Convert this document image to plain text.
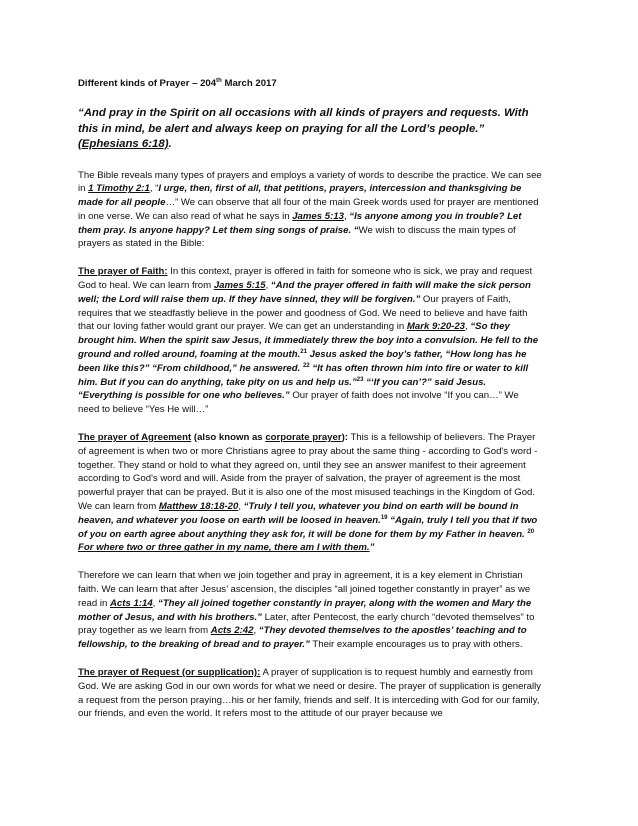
Different kinds of Prayer – 204th March 2017
“And pray in the Spirit on all occasions with all kinds of prayers and requests. With this in mind, be alert and always keep on praying for all the Lord’s people.” (Ephesians 6:18).
The Bible reveals many types of prayers and employs a variety of words to describe the practice. We can see in 1 Timothy 2:1, “I urge, then, first of all, that petitions, prayers, intercession and thanksgiving be made for all people…” We can observe that all four of the main Greek words used for prayer are mentioned in one verse. We can also read of what he says in James 5:13, “Is anyone among you in trouble? Let them pray. Is anyone happy? Let them sing songs of praise. “We wish to discuss the main types of prayers as stated in the Bible:
The prayer of Faith: In this context, prayer is offered in faith for someone who is sick, we pray and request God to heal. We can learn from James 5:15, “And the prayer offered in faith will make the sick person well; the Lord will raise them up. If they have sinned, they will be forgiven.” Our prayers of Faith, requires that we steadfastly believe in the power and goodness of God. We need to believe and have faith that our loving father would grant our prayer. We can get an understanding in Mark 9:20-23, “So they brought him. When the spirit saw Jesus, it immediately threw the boy into a convulsion. He fell to the ground and rolled around, foaming at the mouth.$^{21}$ Jesus asked the boy’s father, “How long has he been like this?” “From childhood,” he answered. $^{22}$ “It has often thrown him into fire or water to kill him. But if you can do anything, take pity on us and help us.”$^{23}$ “‘If you can’?” said Jesus. “Everything is possible for one who believes.” Our prayer of faith does not involve “If you can…” We need to believe “Yes He will…”
The prayer of Agreement (also known as corporate prayer): This is a fellowship of believers. The Prayer of agreement is when two or more Christians agree to pray about the same thing - according to God's word - together. They stand or hold to what they agreed on, until they see an answer manifest to their agreement according to God's word and will. Aside from the prayer of salvation, the prayer of agreement is the most powerful prayer that can be prayed. But it is also one of the most misused teachings in the Kingdom of God. We can learn from Matthew 18:18-20, “Truly I tell you, whatever you bind on earth will be bound in heaven, and whatever you loose on earth will be loosed in heaven.$^{19}$ “Again, truly I tell you that if two of you on earth agree about anything they ask for, it will be done for them by my Father in heaven. $^{20}$ For where two or three gather in my name, there am I with them.”
Therefore we can learn that when we join together and pray in agreement, it is a key element in Christian faith. We can learn that after Jesus’ ascension, the disciples “all joined together constantly in prayer” as we read in Acts 1:14, “They all joined together constantly in prayer, along with the women and Mary the mother of Jesus, and with his brothers.” Later, after Pentecost, the early church “devoted themselves” to pray together as we learn from Acts 2:42, “They devoted themselves to the apostles’ teaching and to fellowship, to the breaking of bread and to prayer.” Their example encourages us to pray with others.
The prayer of Request (or supplication): A prayer of supplication is to request humbly and earnestly from God. We are asking God in our own words for what we need or desire. The prayer of supplication is generally a request from the person praying…his or her family, friends and self. It is interceding with God for our family, our friends, and even the world. It refers most to the attitude of our prayer because we
